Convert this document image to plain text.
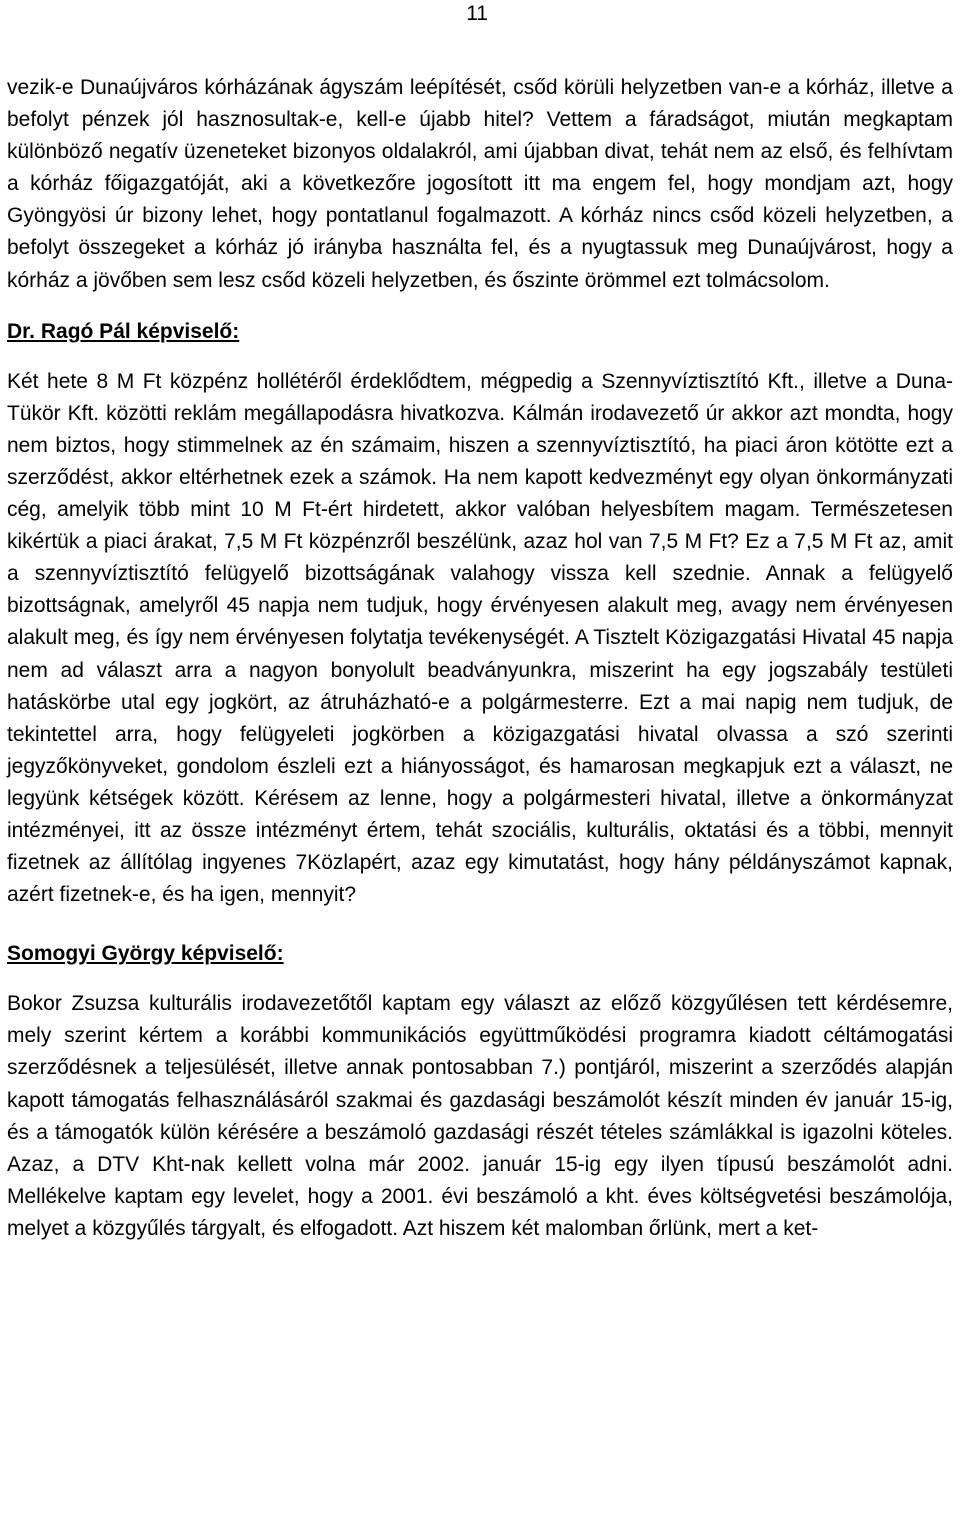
11

vezik-e Dunaújváros kórházának ágyszám leépítését, csőd körüli helyzetben van-e a kórház, illetve a befolyt pénzek jól hasznosultak-e, kell-e újabb hitel? Vettem a fáradságot, miután megkaptam különböző negatív üzeneteket bizonyos oldalakról, ami újabban divat, tehát nem az első, és felhívtam a kórház főigazgatóját, aki a következőre jogosított itt ma engem fel, hogy mondjam azt, hogy Gyöngyösi úr bizony lehet, hogy pontatlanul fogalmazott. A kórház nincs csőd közeli helyzetben, a befolyt összegeket a kórház jó irányba használta fel, és a nyugtassuk meg Dunaújvárost, hogy a kórház a jövőben sem lesz csőd közeli helyzetben, és őszinte örömmel ezt tolmácsolom.

Dr. Ragó Pál képviselő:

Két hete 8 M Ft közpénz hollétéről érdeklődtem, mégpedig a Szennyvíztisztító Kft., illetve a Duna-Tükör Kft. közötti reklám megállapodásra hivatkozva. Kálmán irodavezető úr akkor azt mondta, hogy nem biztos, hogy stimmelnek az én számaim, hiszen a szennyvíztisztító, ha piaci áron kötötte ezt a szerződést, akkor eltérhetnek ezek a számok. Ha nem kapott kedvezményt egy olyan önkormányzati cég, amelyik több mint 10 M Ft-ért hirdetett, akkor valóban helyesbítem magam. Természetesen kikértük a piaci árakat, 7,5 M Ft közpénzről beszélünk, azaz hol van 7,5 M Ft? Ez a 7,5 M Ft az, amit a szennyvíztisztító felügyelő bizottságának valahogy vissza kell szednie. Annak a felügyelő bizottságnak, amelyről 45 napja nem tudjuk, hogy érvényesen alakult meg, avagy nem érvényesen alakult meg, és így nem érvényesen folytatja tevékenységét. A Tisztelt Közigazgatási Hivatal 45 napja nem ad választ arra a nagyon bonyolult beadványunkra, miszerint ha egy jogszabály testületi hatáskörbe utal egy jogkört, az átruházható-e a polgármesterre. Ezt a mai napig nem tudjuk, de tekintettel arra, hogy felügyeleti jogkörben a közigazgatási hivatal olvassa a szó szerinti jegyzőkönyveket, gondolom észleli ezt a hiányosságot, és hamarosan megkapjuk ezt a választ, ne legyünk kétségek között. Kérésem az lenne, hogy a polgármesteri hivatal, illetve a önkormányzat intézményei, itt az össze intézményt értem, tehát szociális, kulturális, oktatási és a többi, mennyit fizetnek az állítólag ingyenes 7Közlapért, azaz egy kimutatást, hogy hány példányszámot kapnak, azért fizetnek-e, és ha igen, mennyit?

Somogyi György képviselő:

Bokor Zsuzsa kulturális irodavezetőtől kaptam egy választ az előző közgyűlésen tett kérdésemre, mely szerint kértem a korábbi kommunikációs együttműködési programra kiadott céltámogatási szerződésnek a teljesülését, illetve annak pontosabban 7.) pontjáról, miszerint a szerződés alapján kapott támogatás felhasználásáról szakmai és gazdasági beszámolót készít minden év január 15-ig, és a támogatók külön kérésére a beszámoló gazdasági részét tételes számlákkal is igazolni köteles. Azaz, a DTV Kht-nak kellett volna már 2002. január 15-ig egy ilyen típusú beszámolót adni. Mellékelve kaptam egy levelet, hogy a 2001. évi beszámoló a kht. éves költségvetési beszámolója, melyet a közgyűlés tárgyalt, és elfogadott. Azt hiszem két malomban őrlünk, mert a ket-
